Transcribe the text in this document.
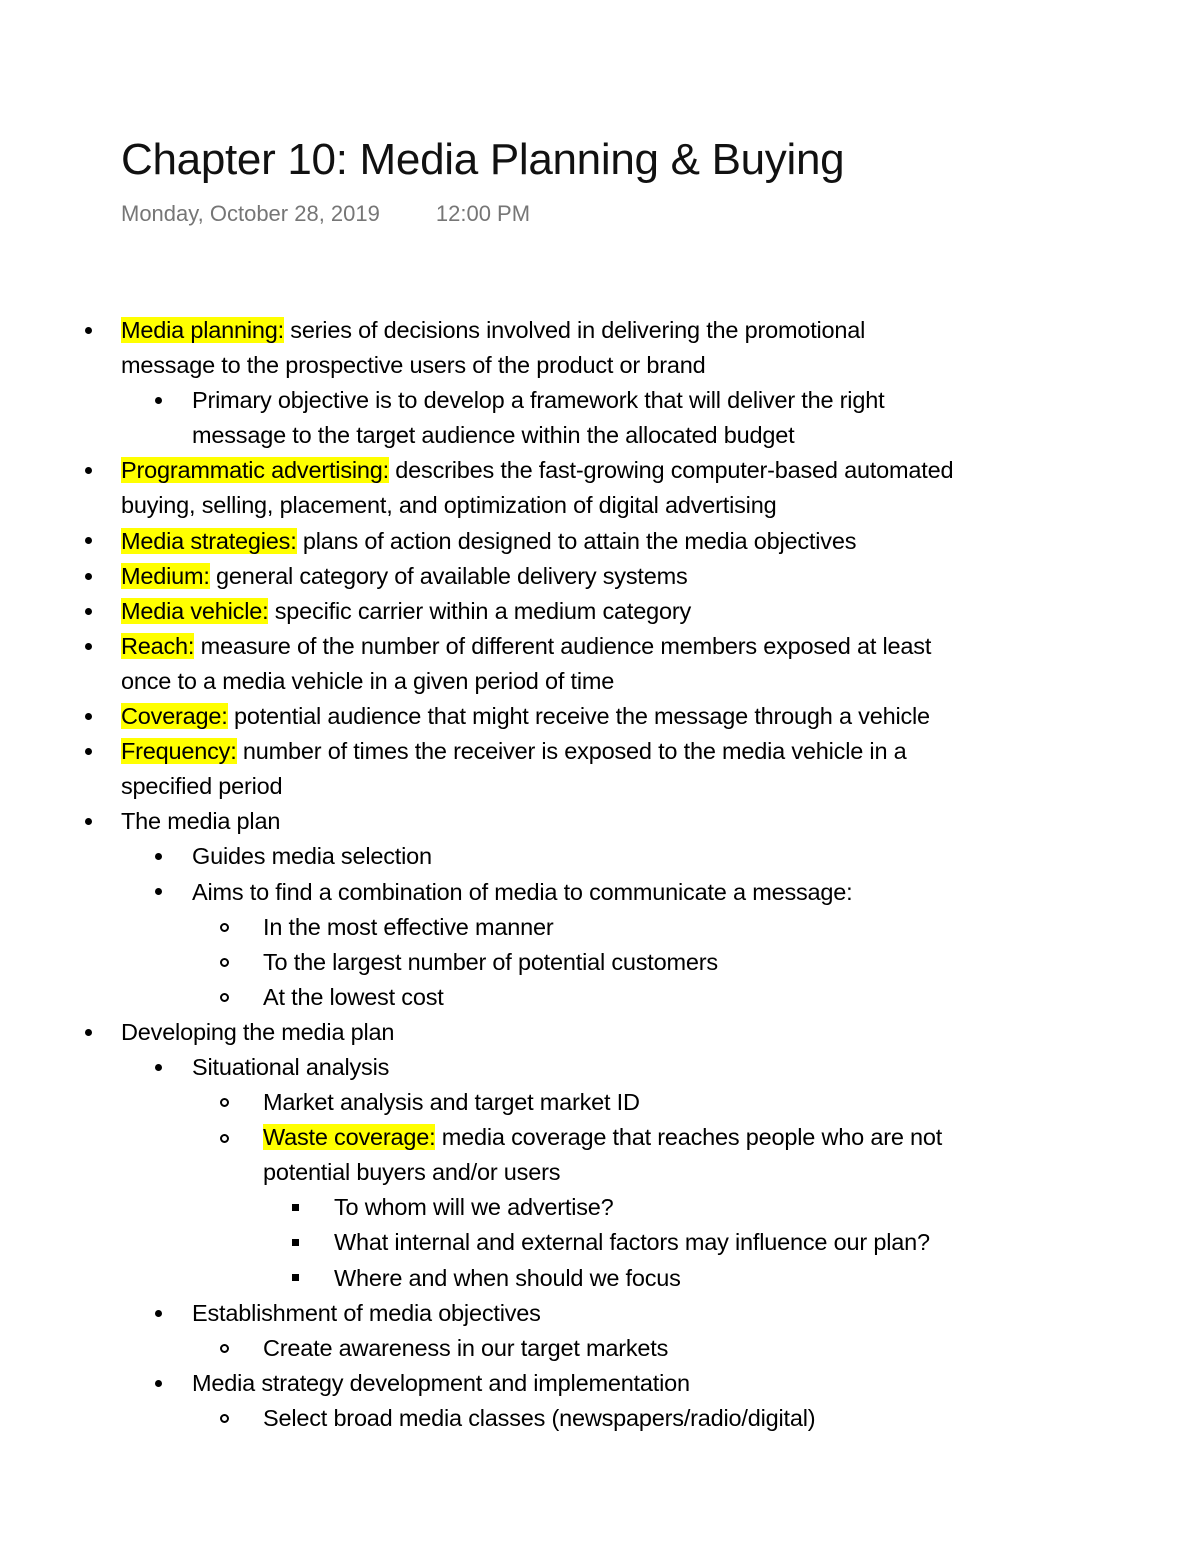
Chapter 10: Media Planning & Buying
Monday, October 28, 2019	12:00 PM
Media planning: series of decisions involved in delivering the promotional
message to the prospective users of the product or brand
Primary objective is to develop a framework that will deliver the right
message to the target audience within the allocated budget
Programmatic advertising: describes the fast-growing computer-based automated
buying, selling, placement, and optimization of digital advertising
Media strategies: plans of action designed to attain the media objectives
Medium: general category of available delivery systems
Media vehicle: specific carrier within a medium category
Reach: measure of the number of different audience members exposed at least
once to a media vehicle in a given period of time
Coverage: potential audience that might receive the message through a vehicle
Frequency: number of times the receiver is exposed to the media vehicle in a
specified period
The media plan
Guides media selection
Aims to find a combination of media to communicate a message:
In the most effective manner
To the largest number of potential customers
At the lowest cost
Developing the media plan
Situational analysis
Market analysis and target market ID
Waste coverage: media coverage that reaches people who are not
potential buyers and/or users
To whom will we advertise?
What internal and external factors may influence our plan?
Where and when should we focus
Establishment of media objectives
Create awareness in our target markets
Media strategy development and implementation
Select broad media classes (newspapers/radio/digital)
